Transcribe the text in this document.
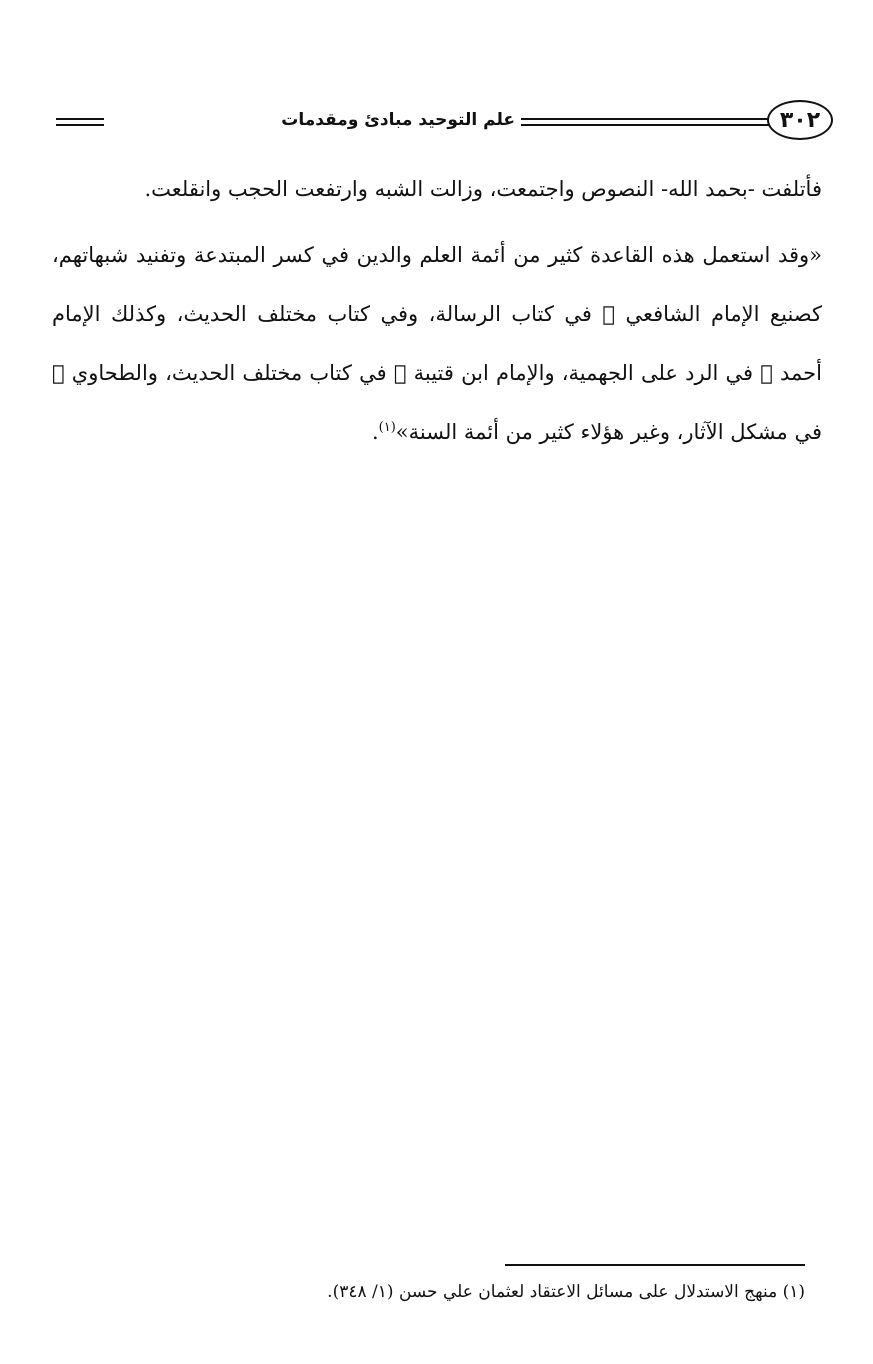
٣٠٢
علم التوحيد مبادئ ومقدمات

فأتلفت -بحمد الله- النصوص واجتمعت، وزالت الشبه وارتفعت الحجب وانقلعت.

«وقد استعمل هذه القاعدة كثير من أئمة العلم والدين في كسر المبتدعة وتفنيد شبهاتهم، كصنيع الإمام الشافعي ﷫ في كتاب الرسالة، وفي كتاب مختلف الحديث، وكذلك الإمام أحمد ﷫ في الرد على الجهمية، والإمام ابن قتيبة ﷫ في كتاب مختلف الحديث، والطحاوي ﷫ في مشكل الآثار، وغير هؤلاء كثير من أئمة السنة»$^{(١)}$.

(١) منهج الاستدلال على مسائل الاعتقاد لعثمان علي حسن (١/ ٣٤٨).
